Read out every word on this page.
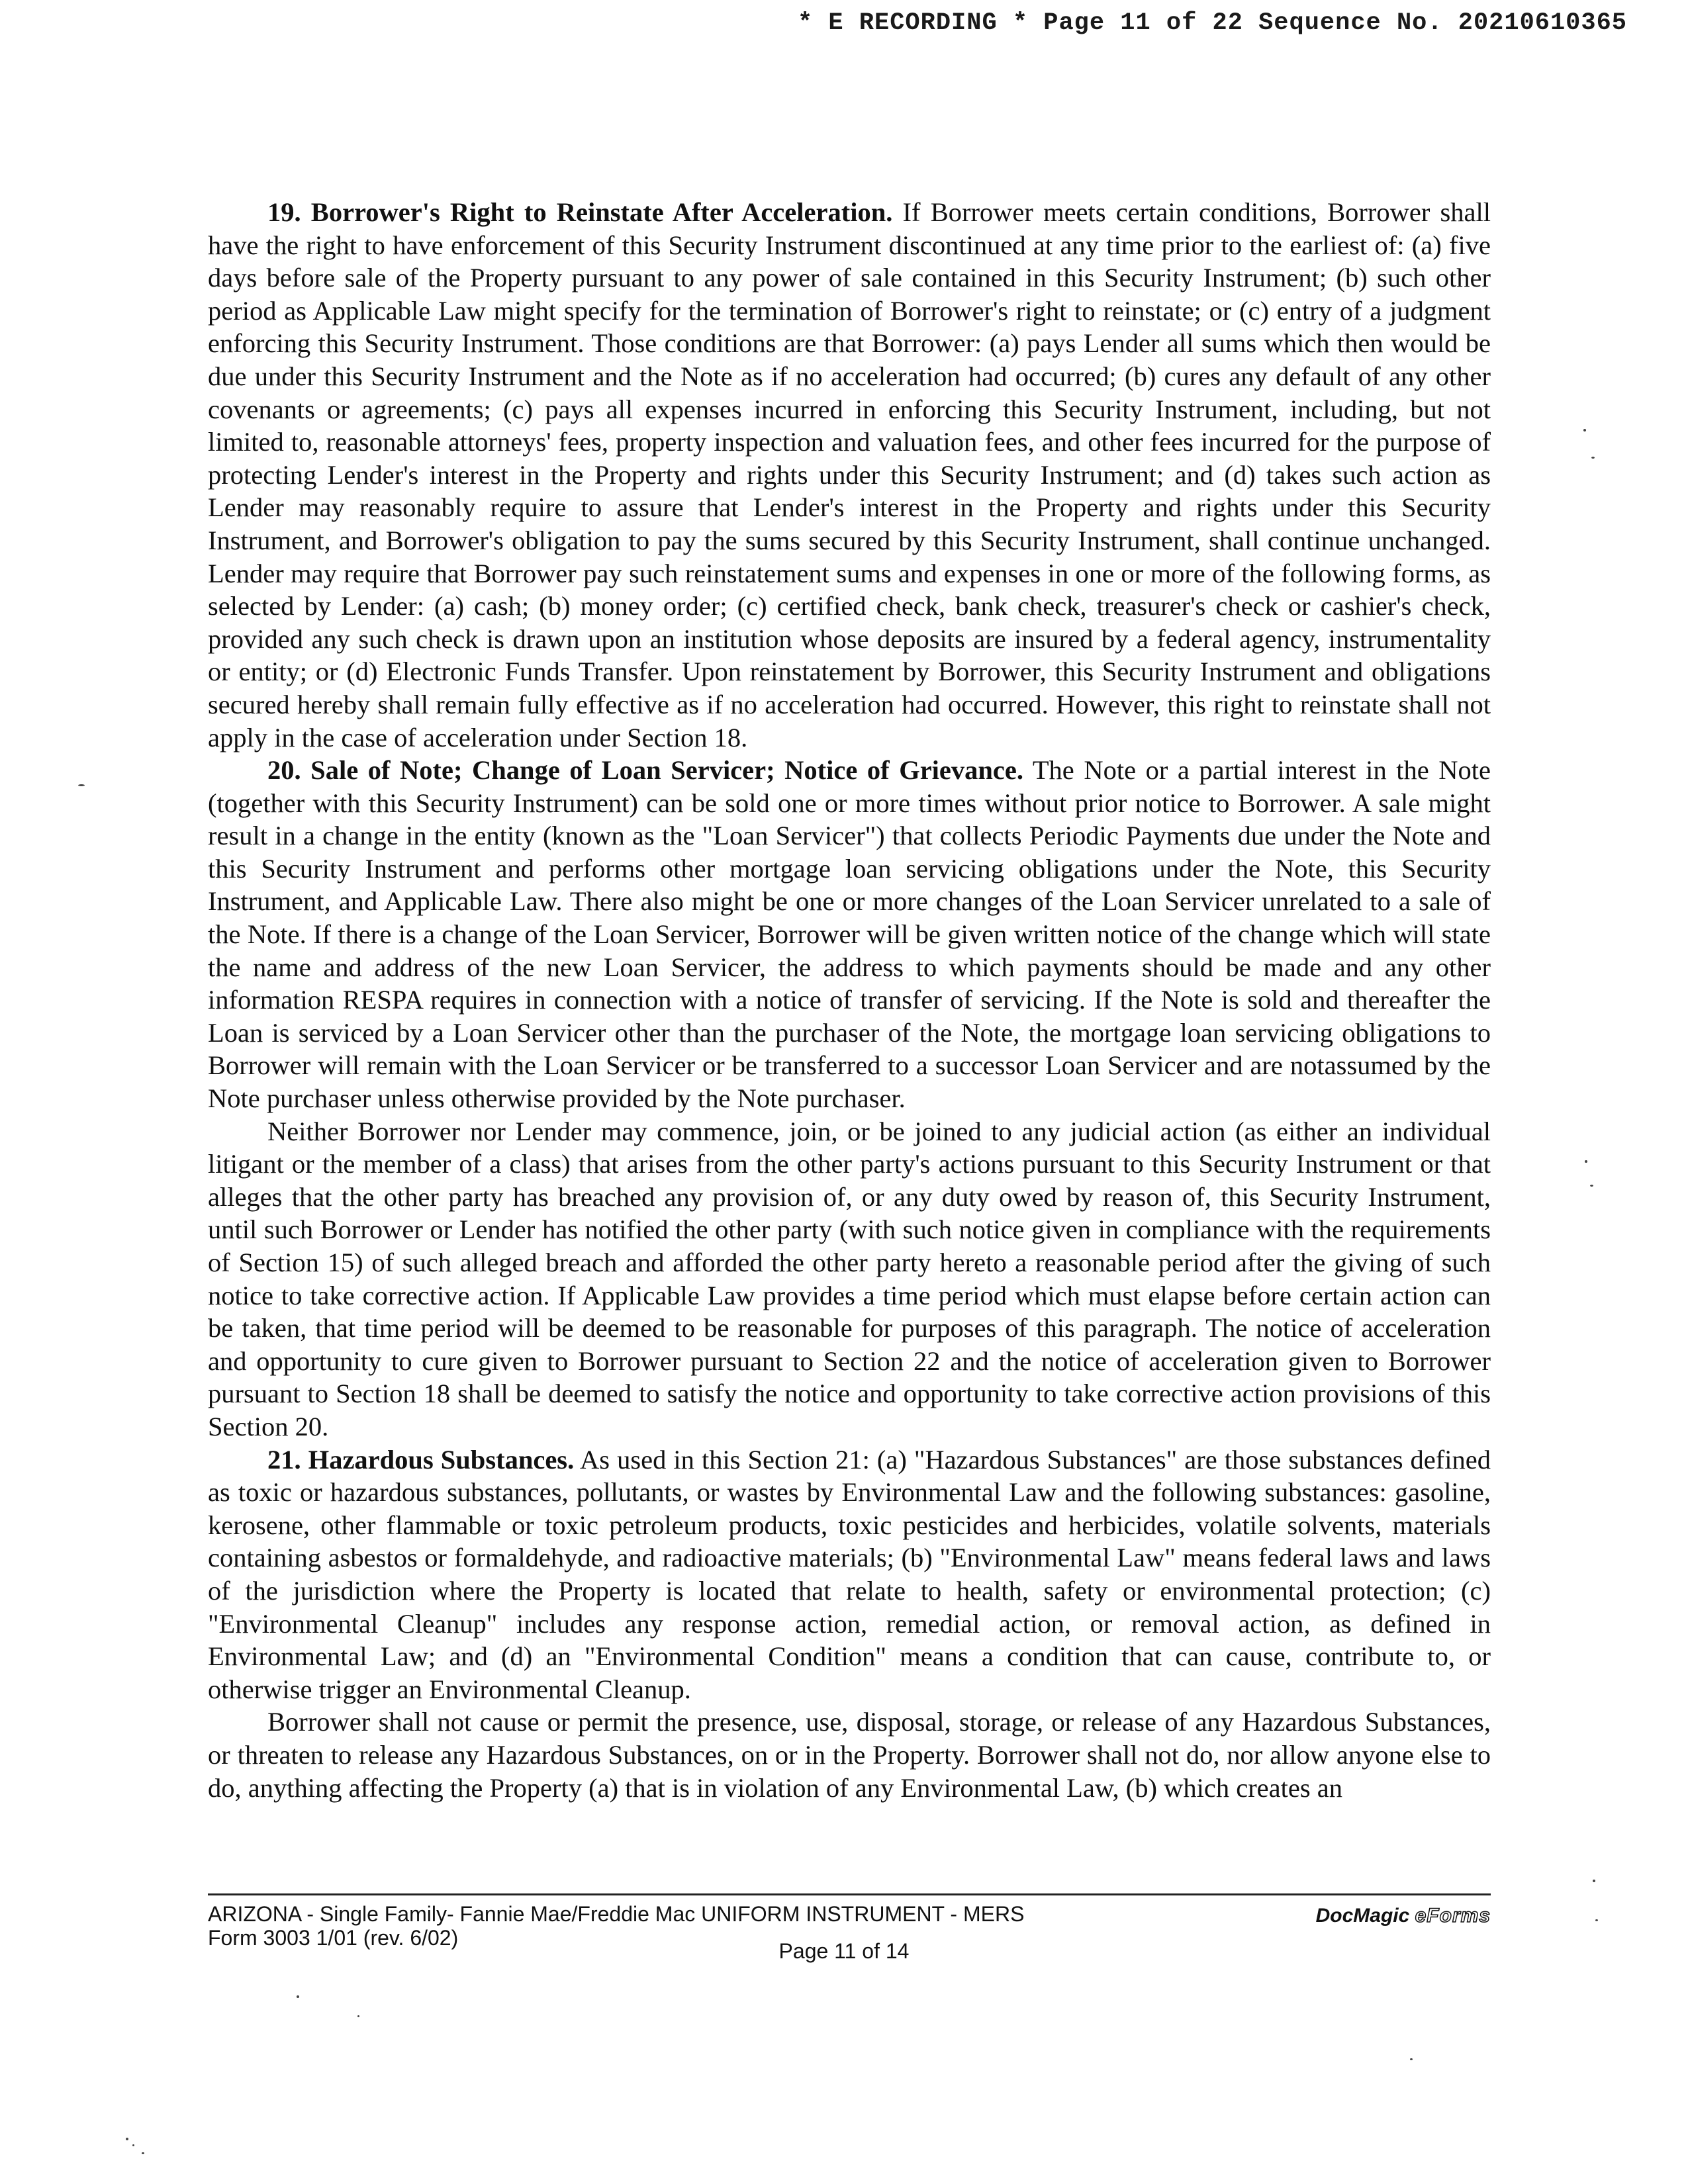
* E RECORDING * Page 11 of 22 Sequence No. 20210610365

19. Borrower's Right to Reinstate After Acceleration. If Borrower meets certain conditions, Borrower shall have the right to have enforcement of this Security Instrument discontinued at any time prior to the earliest of: (a) five days before sale of the Property pursuant to any power of sale contained in this Security Instrument; (b) such other period as Applicable Law might specify for the termination of Borrower's right to reinstate; or (c) entry of a judgment enforcing this Security Instrument. Those conditions are that Borrower: (a) pays Lender all sums which then would be due under this Security Instrument and the Note as if no acceleration had occurred; (b) cures any default of any other covenants or agreements; (c) pays all expenses incurred in enforcing this Security Instrument, including, but not limited to, reasonable attorneys' fees, property inspection and valuation fees, and other fees incurred for the purpose of protecting Lender's interest in the Property and rights under this Security Instrument; and (d) takes such action as Lender may reasonably require to assure that Lender's interest in the Property and rights under this Security Instrument, and Borrower's obligation to pay the sums secured by this Security Instrument, shall continue unchanged. Lender may require that Borrower pay such reinstatement sums and expenses in one or more of the following forms, as selected by Lender: (a) cash; (b) money order; (c) certified check, bank check, treasurer's check or cashier's check, provided any such check is drawn upon an institution whose deposits are insured by a federal agency, instrumentality or entity; or (d) Electronic Funds Transfer. Upon reinstatement by Borrower, this Security Instrument and obligations secured hereby shall remain fully effective as if no acceleration had occurred. However, this right to reinstate shall not apply in the case of acceleration under Section 18.

20. Sale of Note; Change of Loan Servicer; Notice of Grievance. The Note or a partial interest in the Note (together with this Security Instrument) can be sold one or more times without prior notice to Borrower. A sale might result in a change in the entity (known as the "Loan Servicer") that collects Periodic Payments due under the Note and this Security Instrument and performs other mortgage loan servicing obligations under the Note, this Security Instrument, and Applicable Law. There also might be one or more changes of the Loan Servicer unrelated to a sale of the Note. If there is a change of the Loan Servicer, Borrower will be given written notice of the change which will state the name and address of the new Loan Servicer, the address to which payments should be made and any other information RESPA requires in connection with a notice of transfer of servicing. If the Note is sold and thereafter the Loan is serviced by a Loan Servicer other than the purchaser of the Note, the mortgage loan servicing obligations to Borrower will remain with the Loan Servicer or be transferred to a successor Loan Servicer and are notassumed by the Note purchaser unless otherwise provided by the Note purchaser.

Neither Borrower nor Lender may commence, join, or be joined to any judicial action (as either an individual litigant or the member of a class) that arises from the other party's actions pursuant to this Security Instrument or that alleges that the other party has breached any provision of, or any duty owed by reason of, this Security Instrument, until such Borrower or Lender has notified the other party (with such notice given in compliance with the requirements of Section 15) of such alleged breach and afforded the other party hereto a reasonable period after the giving of such notice to take corrective action. If Applicable Law provides a time period which must elapse before certain action can be taken, that time period will be deemed to be reasonable for purposes of this paragraph. The notice of acceleration and opportunity to cure given to Borrower pursuant to Section 22 and the notice of acceleration given to Borrower pursuant to Section 18 shall be deemed to satisfy the notice and opportunity to take corrective action provisions of this Section 20.

21. Hazardous Substances. As used in this Section 21: (a) "Hazardous Substances" are those substances defined as toxic or hazardous substances, pollutants, or wastes by Environmental Law and the following substances: gasoline, kerosene, other flammable or toxic petroleum products, toxic pesticides and herbicides, volatile solvents, materials containing asbestos or formaldehyde, and radioactive materials; (b) "Environmental Law" means federal laws and laws of the jurisdiction where the Property is located that relate to health, safety or environmental protection; (c) "Environmental Cleanup" includes any response action, remedial action, or removal action, as defined in Environmental Law; and (d) an "Environmental Condition" means a condition that can cause, contribute to, or otherwise trigger an Environmental Cleanup.

Borrower shall not cause or permit the presence, use, disposal, storage, or release of any Hazardous Substances, or threaten to release any Hazardous Substances, on or in the Property. Borrower shall not do, nor allow anyone else to do, anything affecting the Property (a) that is in violation of any Environmental Law, (b) which creates an

ARIZONA - Single Family- Fannie Mae/Freddie Mac UNIFORM INSTRUMENT - MERS
Form 3003 1/01 (rev. 6/02)
DocMagic eForms
Page 11 of 14
